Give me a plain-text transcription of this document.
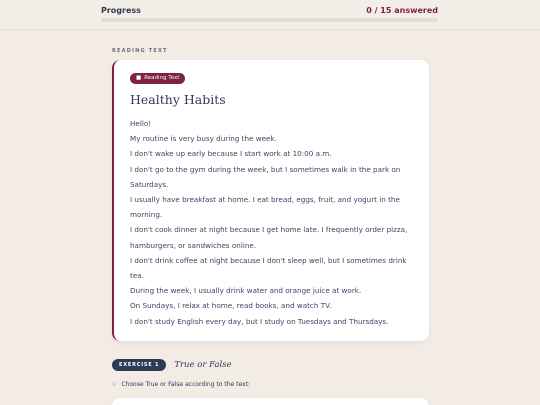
Progress	0 / 15 answered
READING TEXT
■ Reading Text
Healthy Habits
Hello!
My routine is very busy during the week.
I don't wake up early because I start work at 10:00 a.m.
I don't go to the gym during the week, but I sometimes walk in the park on Saturdays.
I usually have breakfast at home. I eat bread, eggs, fruit, and yogurt in the morning.
I don't cook dinner at night because I get home late. I frequently order pizza, hamburgers, or sandwiches online.
I don't drink coffee at night because I don't sleep well, but I sometimes drink tea.
During the week, I usually drink water and orange juice at work.
On Sundays, I relax at home, read books, and watch TV.
I don't study English every day, but I study on Tuesdays and Thursdays.
EXERCISE 1	True or False
☞ Choose True or False according to the text:
